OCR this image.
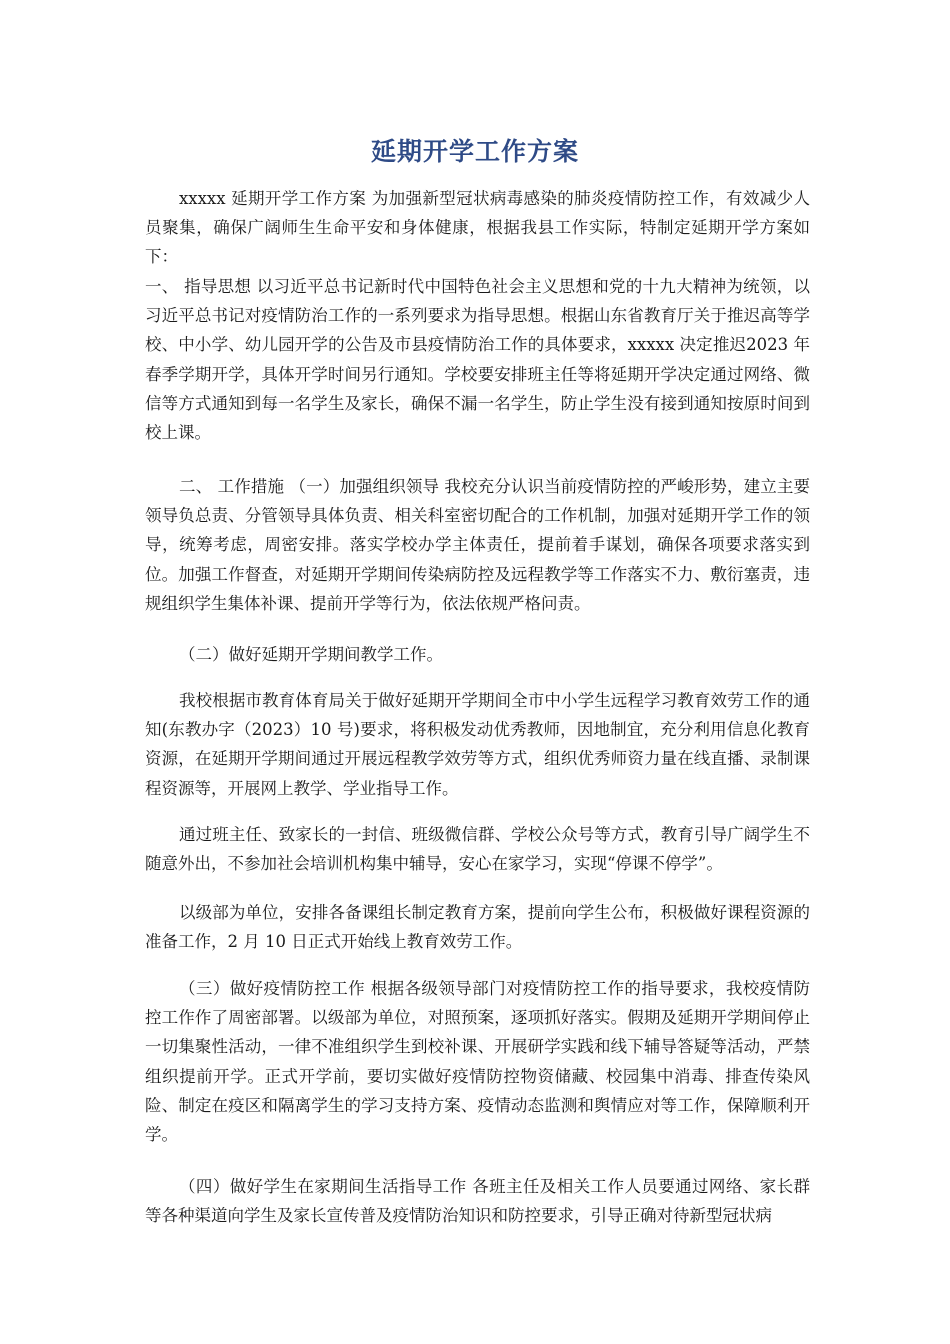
延期开学工作方案
xxxxx 延期开学工作方案 为加强新型冠状病毒感染的肺炎疫情防控工作，有效减少人员聚集，确保广阔师生生命平安和身体健康，根据我县工作实际，特制定延期开学方案如下：
一、 指导思想 以习近平总书记新时代中国特色社会主义思想和党的十九大精神为统领，以习近平总书记对疫情防治工作的一系列要求为指导思想。根据山东省教育厅关于推迟高等学校、中小学、幼儿园开学的公告及市县疫情防治工作的具体要求，xxxxx 决定推迟2023 年春季学期开学，具体开学时间另行通知。学校要安排班主任等将延期开学决定通过网络、微信等方式通知到每一名学生及家长，确保不漏一名学生，防止学生没有接到通知按原时间到校上课。
二、 工作措施 （一）加强组织领导 我校充分认识当前疫情防控的严峻形势，建立主要领导负总责、分管领导具体负责、相关科室密切配合的工作机制，加强对延期开学工作的领导，统筹考虑，周密安排。落实学校办学主体责任，提前着手谋划，确保各项要求落实到位。加强工作督查，对延期开学期间传染病防控及远程教学等工作落实不力、敷衍塞责，违规组织学生集体补课、提前开学等行为，依法依规严格问责。
（二）做好延期开学期间教学工作。
我校根据市教育体育局关于做好延期开学期间全市中小学生远程学习教育效劳工作的通知(东教办字（2023）10 号)要求，将积极发动优秀教师，因地制宜，充分利用信息化教育资源，在延期开学期间通过开展远程教学效劳等方式，组织优秀师资力量在线直播、录制课程资源等，开展网上教学、学业指导工作。
通过班主任、致家长的一封信、班级微信群、学校公众号等方式，教育引导广阔学生不随意外出，不参加社会培训机构集中辅导，安心在家学习，实现“停课不停学”。
以级部为单位，安排各备课组长制定教育方案，提前向学生公布，积极做好课程资源的准备工作，2 月 10 日正式开始线上教育效劳工作。
（三）做好疫情防控工作 根据各级领导部门对疫情防控工作的指导要求，我校疫情防控工作作了周密部署。以级部为单位，对照预案，逐项抓好落实。假期及延期开学期间停止一切集聚性活动，一律不准组织学生到校补课、开展研学实践和线下辅导答疑等活动，严禁组织提前开学。正式开学前，要切实做好疫情防控物资储藏、校园集中消毒、排查传染风险、制定在疫区和隔离学生的学习支持方案、疫情动态监测和舆情应对等工作，保障顺利开学。
（四）做好学生在家期间生活指导工作 各班主任及相关工作人员要通过网络、家长群等各种渠道向学生及家长宣传普及疫情防治知识和防控要求，引导正确对待新型冠状病
